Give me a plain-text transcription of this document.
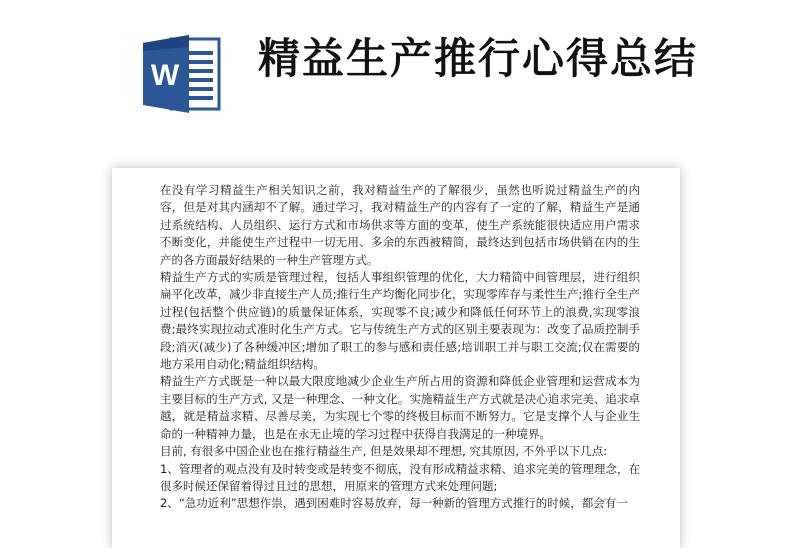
W 精益生产推行心得总结

在没有学习精益生产相关知识之前，我对精益生产的了解很少，虽然也听说过精益生产的内容，但是对其内涵却不了解。通过学习，我对精益生产的内容有了一定的了解，精益生产是通过系统结构、人员组织、运行方式和市场供求等方面的变革，使生产系统能很快适应用户需求不断变化，并能使生产过程中一切无用、多余的东西被精简，最终达到包括市场供销在内的生产的各方面最好结果的一种生产管理方式。

精益生产方式的实质是管理过程，包括人事组织管理的优化，大力精简中间管理层，进行组织扁平化改革，减少非直接生产人员;推行生产均衡化同步化，实现零库存与柔性生产;推行全生产过程(包括整个供应链)的质量保证体系，实现零不良;减少和降低任何环节上的浪费,实现零浪费;最终实现拉动式准时化生产方式。它与传统生产方式的区别主要表现为：改变了品质控制手段;消灭(减少)了各种缓冲区;增加了职工的参与感和责任感;培训职工并与职工交流;仅在需要的地方采用自动化;精益组织结构。

精益生产方式既是一种以最大限度地减少企业生产所占用的资源和降低企业管理和运营成本为主要目标的生产方式, 又是一种理念、一种文化。实施精益生产方式就是决心追求完美、追求卓越，就是精益求精、尽善尽美，为实现七个零的终极目标而不断努力。它是支撑个人与企业生命的一种精神力量，也是在永无止境的学习过程中获得自我满足的一种境界。

目前, 有很多中国企业也在推行精益生产, 但是效果却不理想, 究其原因, 不外乎以下几点:

1、管理者的观点没有及时转变或是转变不彻底，没有形成精益求精、追求完美的管理理念，在很多时候还保留着得过且过的思想，用原来的管理方式来处理问题;

2、“急功近利”思想作祟，遇到困难时容易放弃，每一种新的管理方式推行的时候，都会有一
